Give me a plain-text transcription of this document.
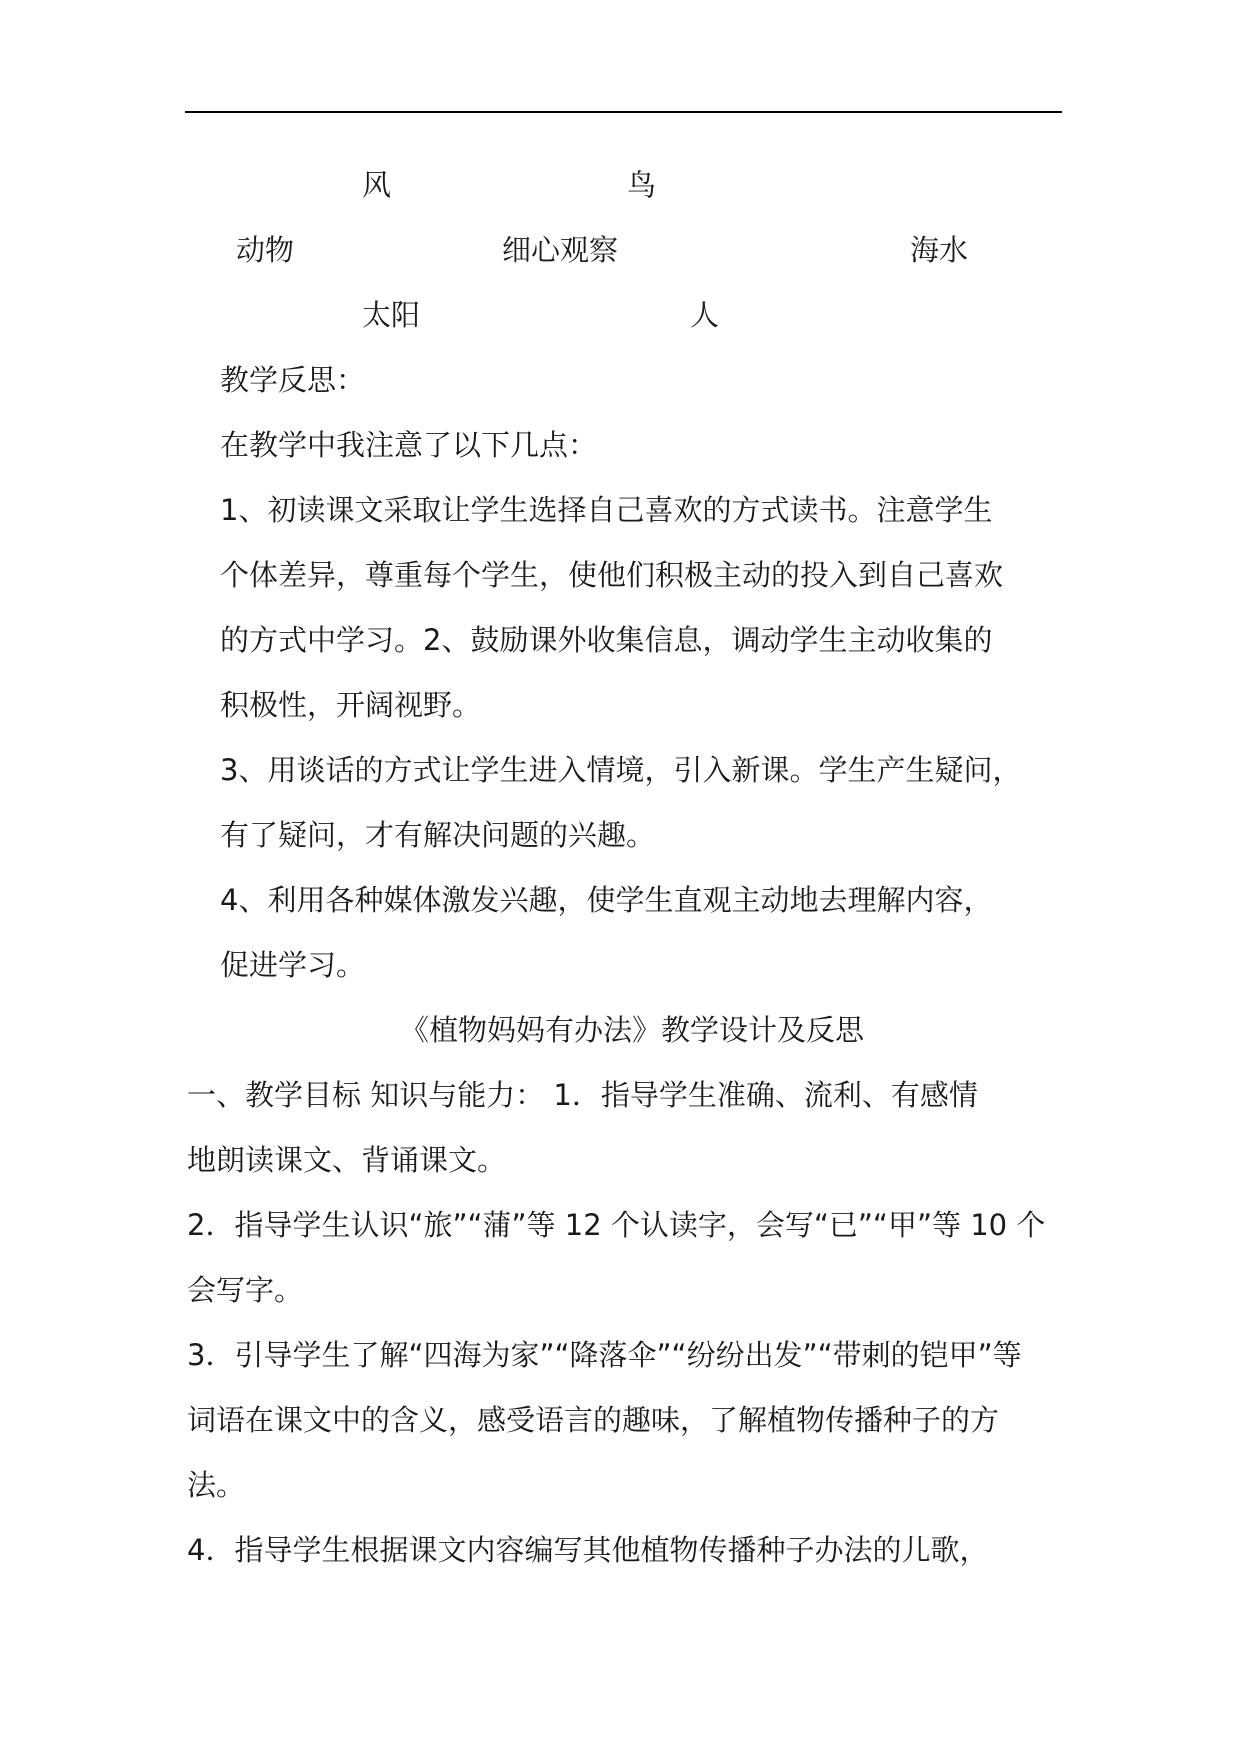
风	鸟
动物	细心观察	海水
太阳	人
教学反思：
在教学中我注意了以下几点：
1、初读课文采取让学生选择自己喜欢的方式读书。注意学生
个体差异，尊重每个学生，使他们积极主动的投入到自己喜欢
的方式中学习。2、鼓励课外收集信息，调动学生主动收集的
积极性，开阔视野。
3、用谈话的方式让学生进入情境，引入新课。学生产生疑问，
有了疑问，才有解决问题的兴趣。
4、利用各种媒体激发兴趣，使学生直观主动地去理解内容，
促进学习。
《植物妈妈有办法》教学设计及反思
一、教学目标 知识与能力： 1．指导学生准确、流利、有感情
地朗读课文、背诵课文。
2．指导学生认识“旅”“蒲”等 12 个认读字，会写“已”“甲”等 10 个
会写字。
3．引导学生了解“四海为家”“降落伞”“纷纷出发”“带刺的铠甲”等
词语在课文中的含义，感受语言的趣味，了解植物传播种子的方
法。
4．指导学生根据课文内容编写其他植物传播种子办法的儿歌，
